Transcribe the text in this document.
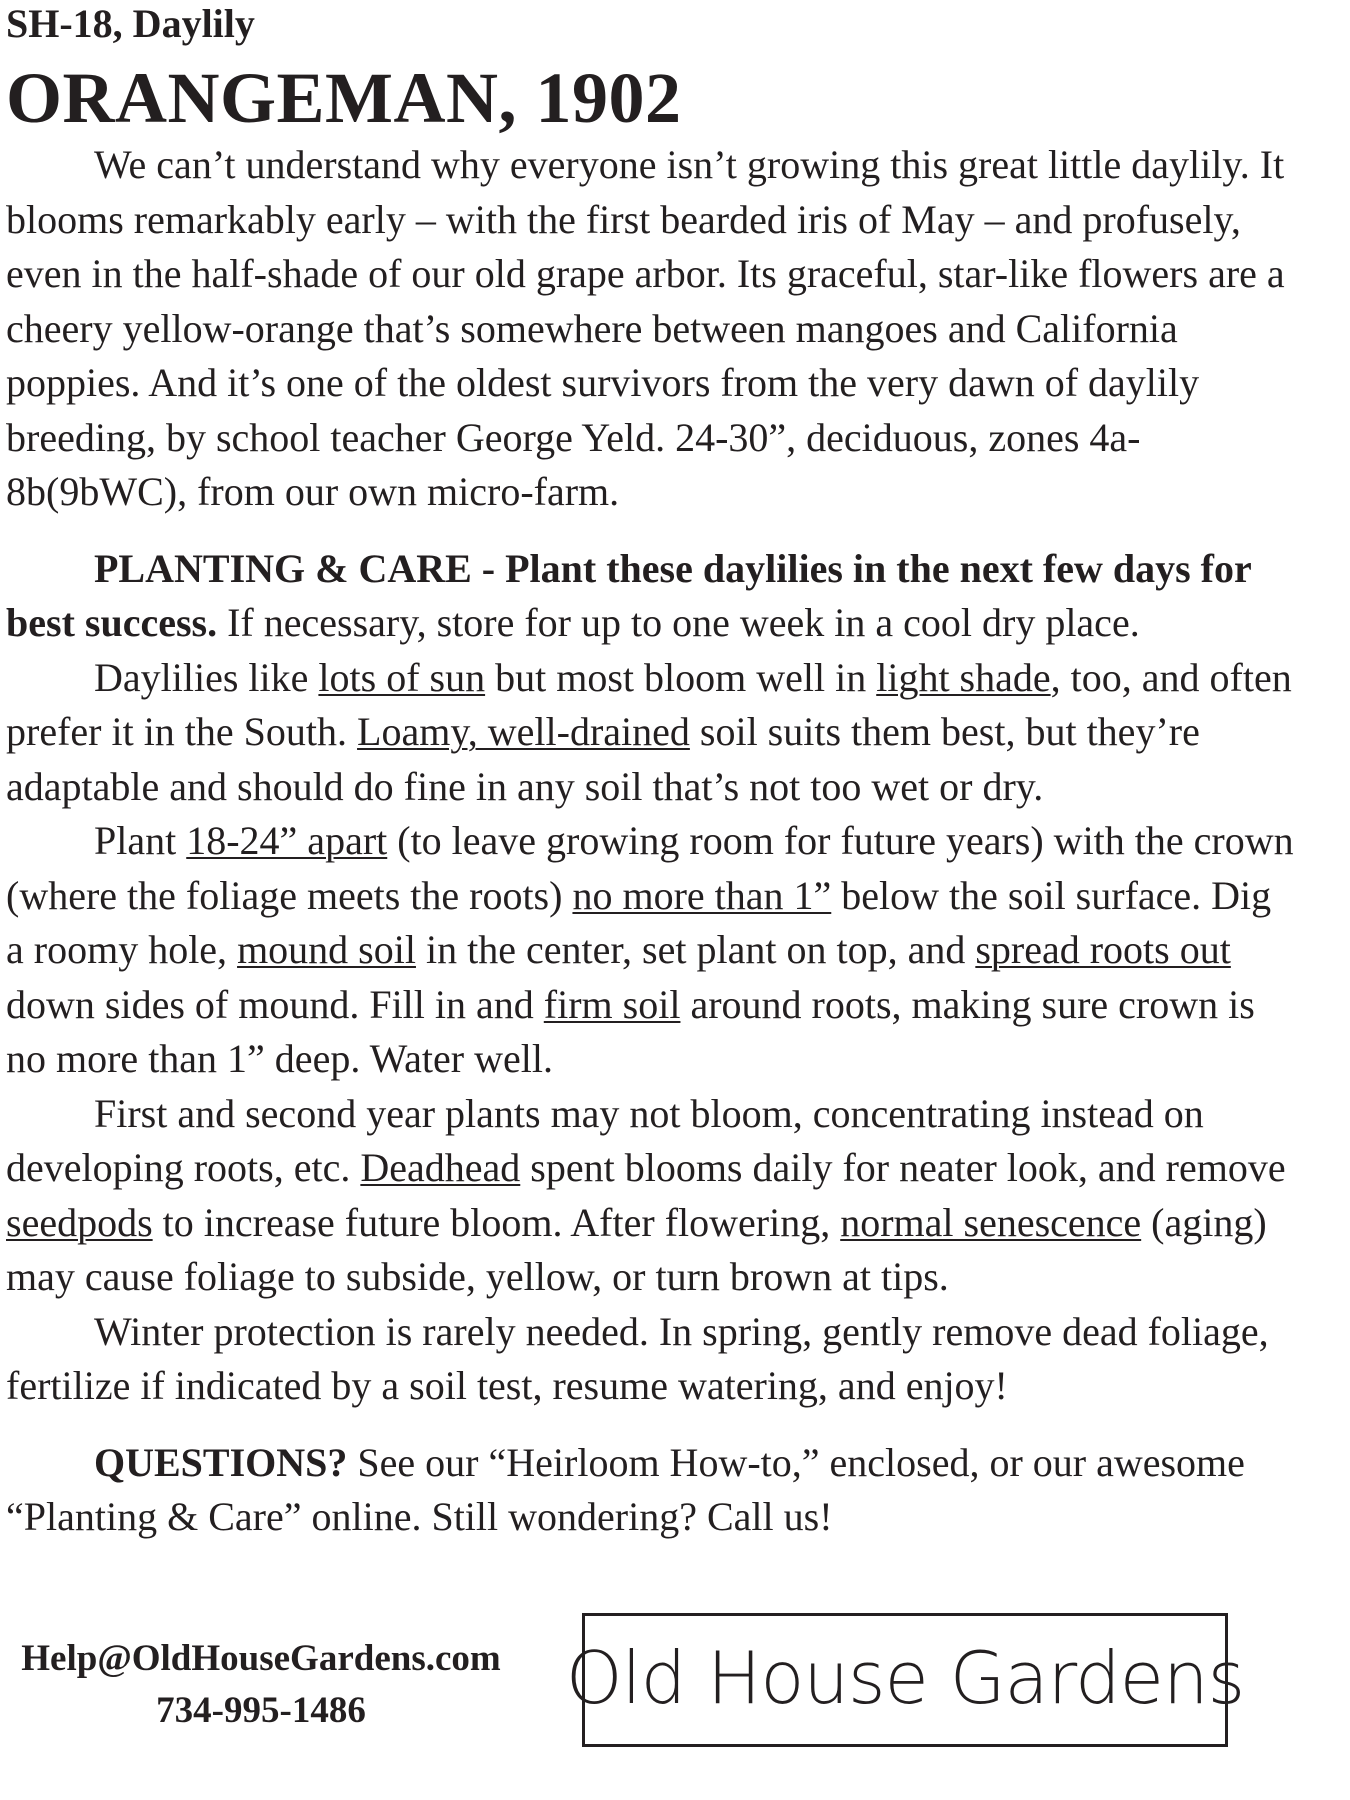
SH-18, Daylily
ORANGEMAN, 1902

We can’t understand why everyone isn’t growing this great little daylily. It blooms remarkably early – with the first bearded iris of May – and profusely, even in the half-shade of our old grape arbor. Its graceful, star-like flowers are a cheery yellow-orange that’s somewhere between mangoes and California poppies. And it’s one of the oldest survivors from the very dawn of daylily breeding, by school teacher George Yeld. 24-30”, deciduous, zones 4a-8b(9bWC), from our own micro-farm.

PLANTING & CARE - Plant these daylilies in the next few days for best success. If necessary, store for up to one week in a cool dry place.

Daylilies like lots of sun but most bloom well in light shade, too, and often prefer it in the South. Loamy, well-drained soil suits them best, but they’re adaptable and should do fine in any soil that’s not too wet or dry.

Plant 18-24” apart (to leave growing room for future years) with the crown (where the foliage meets the roots) no more than 1” below the soil surface. Dig a roomy hole, mound soil in the center, set plant on top, and spread roots out down sides of mound. Fill in and firm soil around roots, making sure crown is no more than 1” deep. Water well.

First and second year plants may not bloom, concentrating instead on developing roots, etc. Deadhead spent blooms daily for neater look, and remove seedpods to increase future bloom. After flowering, normal senescence (aging) may cause foliage to subside, yellow, or turn brown at tips.

Winter protection is rarely needed. In spring, gently remove dead foliage, fertilize if indicated by a soil test, resume watering, and enjoy!

QUESTIONS? See our “Heirloom How-to,” enclosed, or our awesome “Planting & Care” online. Still wondering? Call us!

Help@OldHouseGardens.com
734-995-1486	Old House Gardens
